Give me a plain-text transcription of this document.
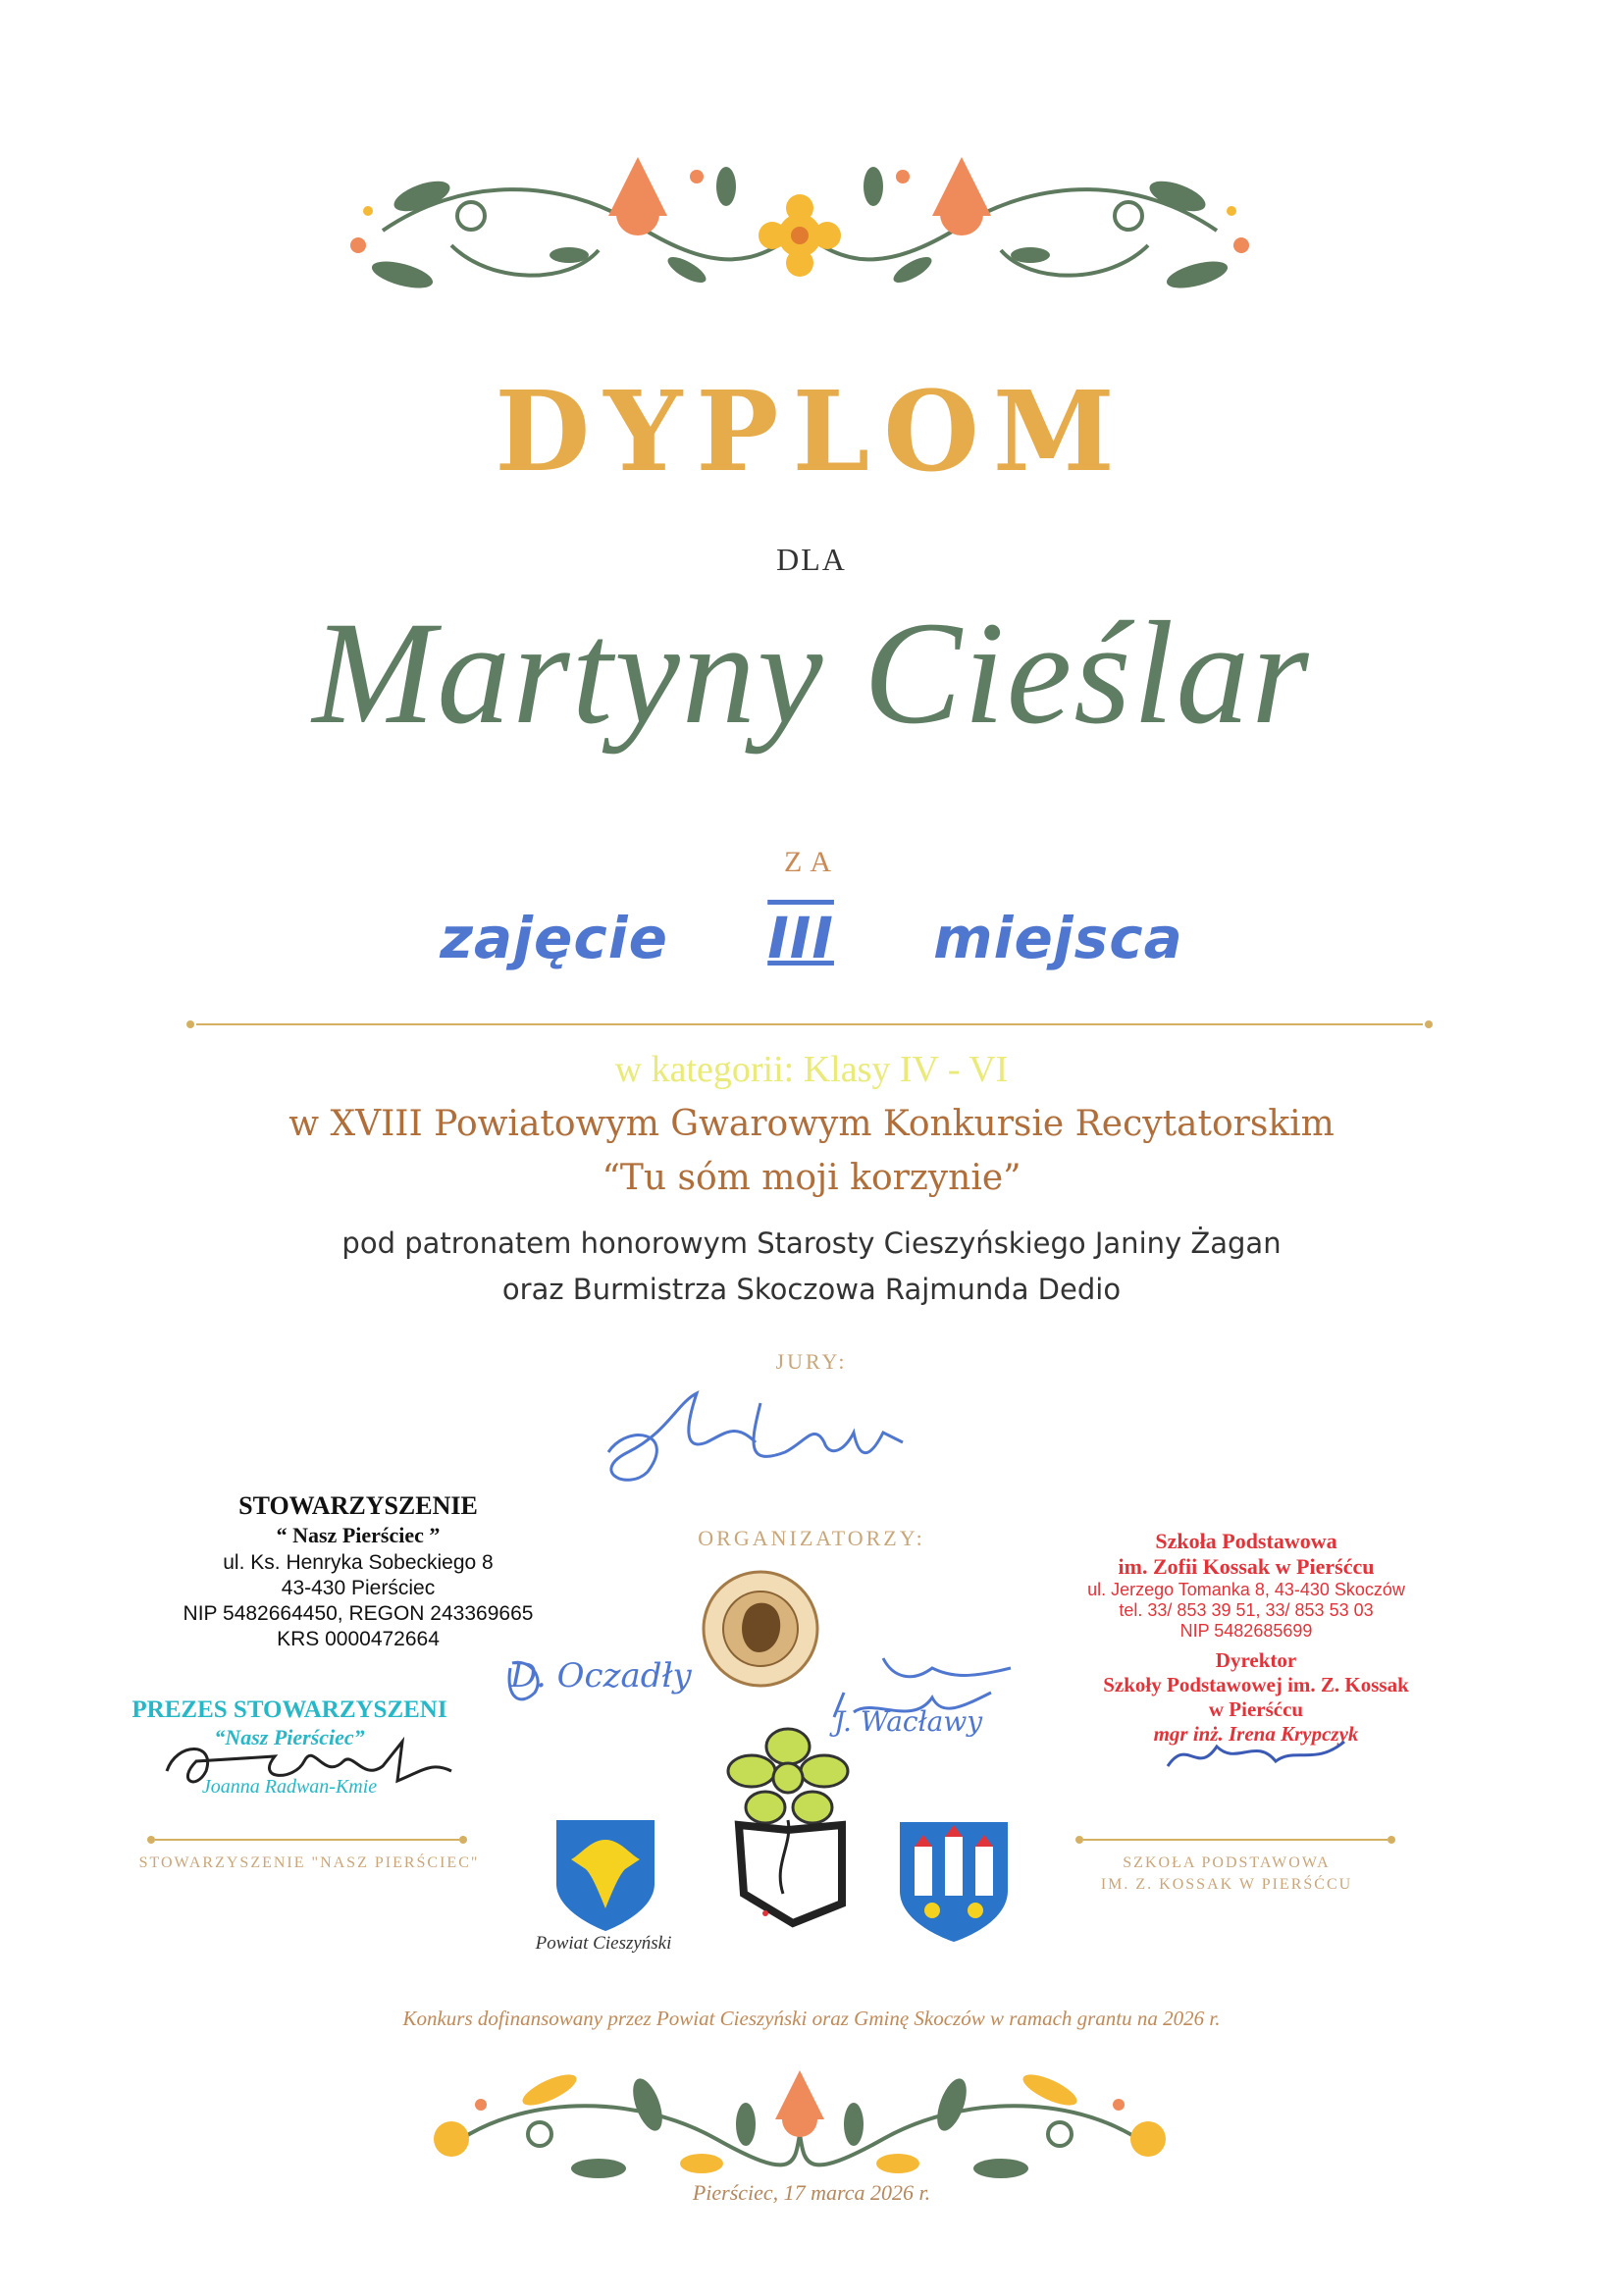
DYPLOM
DLA
Martyny Cieślar
ZA
zajęcie III miejsca
w kategorii: Klasy IV - VI
w XVIII Powiatowym Gwarowym Konkursie Recytatorskim
“Tu sóm moji korzynie”
pod patronatem honorowym Starosty Cieszyńskiego Janiny Żagan
oraz Burmistrza Skoczowa Rajmunda Dedio
JURY:
ORGANIZATORZY:
STOWARZYSZENIE
“ Nasz Pierściec ”
ul. Ks. Henryka Sobeckiego 8
43-430 Pierściec
NIP 5482664450, REGON 243369665
KRS 0000472664
PREZES STOWARZYSZENI
“Nasz Pierściec”
Joanna Radwan-Kmie
D. Oczadły
J. Wacławy
Szkoła Podstawowa
im. Zofii Kossak w Pierśćcu
ul. Jerzego Tomanka 8, 43-430 Skoczów
tel. 33/ 853 39 51, 33/ 853 53 03
NIP 5482685699
Dyrektor
Szkoły Podstawowej im. Z. Kossak
w Pierśćcu
mgr inż. Irena Krypczyk
STOWARZYSZENIE "NASZ PIERŚCIEC"	SZKOŁA PODSTAWOWA
IM. Z. KOSSAK W PIERŚĆCU
Powiat Cieszyński
Konkurs dofinansowany przez Powiat Cieszyński oraz Gminę Skoczów w ramach grantu na 2026 r.
Pierściec, 17 marca 2026 r.
